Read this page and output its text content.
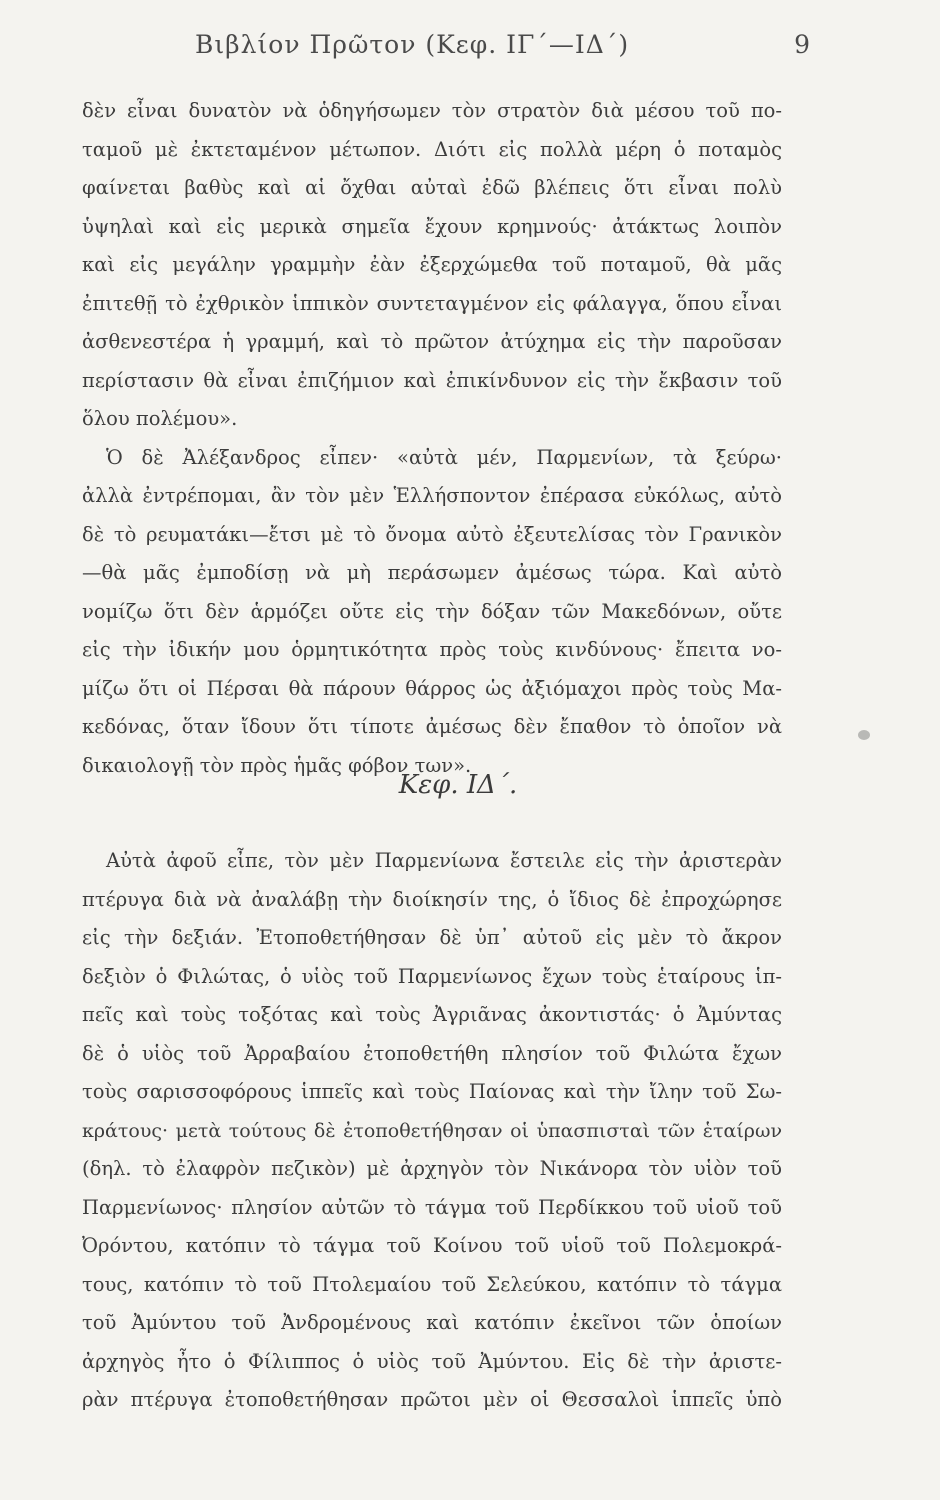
Βιβλίον Πρῶτον (Κεφ. ΙΓ΄—ΙΔ΄)	9
δὲν εἶναι δυνατὸν νὰ ὁδηγήσωμεν τὸν στρατὸν διὰ μέσου τοῦ πο-
ταμοῦ μὲ ἐκτεταμένον μέτωπον. Διότι εἰς πολλὰ μέρη ὁ ποταμὸς
φαίνεται βαθὺς καὶ αἱ ὄχθαι αὐταὶ ἐδῶ βλέπεις ὅτι εἶναι πολὺ
ὑψηλαὶ καὶ εἰς μερικὰ σημεῖα ἔχουν κρημνούς· ἀτάκτως λοιπὸν
καὶ εἰς μεγάλην γραμμὴν ἐὰν ἐξερχώμεθα τοῦ ποταμοῦ, θὰ μᾶς
ἐπιτεθῇ τὸ ἐχθρικὸν ἱππικὸν συντεταγμένον εἰς φάλαγγα, ὅπου εἶναι
ἀσθενεστέρα ἡ γραμμή, καὶ τὸ πρῶτον ἀτύχημα εἰς τὴν παροῦσαν
περίστασιν θὰ εἶναι ἐπιζήμιον καὶ ἐπικίνδυνον εἰς τὴν ἔκβασιν τοῦ
ὅλου πολέμου».
Ὁ δὲ Ἀλέξανδρος εἶπεν· «αὐτὰ μέν, Παρμενίων, τὰ ξεύρω·
ἀλλὰ ἐντρέπομαι, ἂν τὸν μὲν Ἑλλήσποντον ἐπέρασα εὐκόλως, αὐτὸ
δὲ τὸ ρευματάκι—ἔτσι μὲ τὸ ὄνομα αὐτὸ ἐξευτελίσας τὸν Γρανικὸν
—θὰ μᾶς ἐμποδίσῃ νὰ μὴ περάσωμεν ἀμέσως τώρα. Καὶ αὐτὸ
νομίζω ὅτι δὲν ἁρμόζει οὔτε εἰς τὴν δόξαν τῶν Μακεδόνων, οὔτε
εἰς τὴν ἰδικήν μου ὁρμητικότητα πρὸς τοὺς κινδύνους· ἔπειτα νο-
μίζω ὅτι οἱ Πέρσαι θὰ πάρουν θάρρος ὡς ἀξιόμαχοι πρὸς τοὺς Μα-
κεδόνας, ὅταν ἴδουν ὅτι τίποτε ἀμέσως δὲν ἔπαθον τὸ ὁποῖον νὰ
δικαιολογῇ τὸν πρὸς ἡμᾶς φόβον των».
Κεφ. ΙΔ΄.
Αὐτὰ ἀφοῦ εἶπε, τὸν μὲν Παρμενίωνα ἔστειλε εἰς τὴν ἀριστερὰν
πτέρυγα διὰ νὰ ἀναλάβῃ τὴν διοίκησίν της, ὁ ἴδιος δὲ ἐπροχώρησε
εἰς τὴν δεξιάν. Ἐτοποθετήθησαν δὲ ὑπ᾿ αὐτοῦ εἰς μὲν τὸ ἄκρον
δεξιὸν ὁ Φιλώτας, ὁ υἱὸς τοῦ Παρμενίωνος ἔχων τοὺς ἑταίρους ἱπ-
πεῖς καὶ τοὺς τοξότας καὶ τοὺς Ἀγριᾶνας ἀκοντιστάς· ὁ Ἀμύντας
δὲ ὁ υἱὸς τοῦ Ἀρραβαίου ἐτοποθετήθη πλησίον τοῦ Φιλώτα ἔχων
τοὺς σαρισσοφόρους ἱππεῖς καὶ τοὺς Παίονας καὶ τὴν ἴλην τοῦ Σω-
κράτους· μετὰ τούτους δὲ ἐτοποθετήθησαν οἱ ὑπασπισταὶ τῶν ἑταίρων
(δηλ. τὸ ἐλαφρὸν πεζικὸν) μὲ ἀρχηγὸν τὸν Νικάνορα τὸν υἱὸν τοῦ
Παρμενίωνος· πλησίον αὐτῶν τὸ τάγμα τοῦ Περδίκκου τοῦ υἱοῦ τοῦ
Ὀρόντου, κατόπιν τὸ τάγμα τοῦ Κοίνου τοῦ υἱοῦ τοῦ Πολεμοκρά-
τους, κατόπιν τὸ τοῦ Πτολεμαίου τοῦ Σελεύκου, κατόπιν τὸ τάγμα
τοῦ Ἀμύντου τοῦ Ἀνδρομένους καὶ κατόπιν ἐκεῖνοι τῶν ὁποίων
ἀρχηγὸς ἦτο ὁ Φίλιππος ὁ υἱὸς τοῦ Ἀμύντου. Εἰς δὲ τὴν ἀριστε-
ρὰν πτέρυγα ἐτοποθετήθησαν πρῶτοι μὲν οἱ Θεσσαλοὶ ἱππεῖς ὑπὸ
